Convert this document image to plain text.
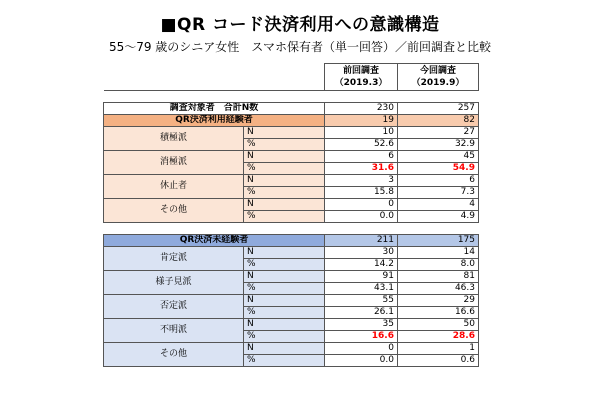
■QR コード決済利用への意識構造
55～79 歳のシニア女性　スマホ保有者（単一回答）／前回調査と比較
		前回調査
（2019.3）	今回調査
（2019.9）

調査対象者　合計N数		230	257
QR決済利用経験者		19	82
積極派	N	10	27
	%	52.6	32.9
消極派	N	6	45
	%	31.6	54.9
休止者	N	3	6
	%	15.8	7.3
その他	N	0	4
	%	0.0	4.9

QR決済未経験者		211	175
肯定派	N	30	14
	%	14.2	8.0
様子見派	N	91	81
	%	43.1	46.3
否定派	N	55	29
	%	26.1	16.6
不明派	N	35	50
	%	16.6	28.6
その他	N	0	1
	%	0.0	0.6
